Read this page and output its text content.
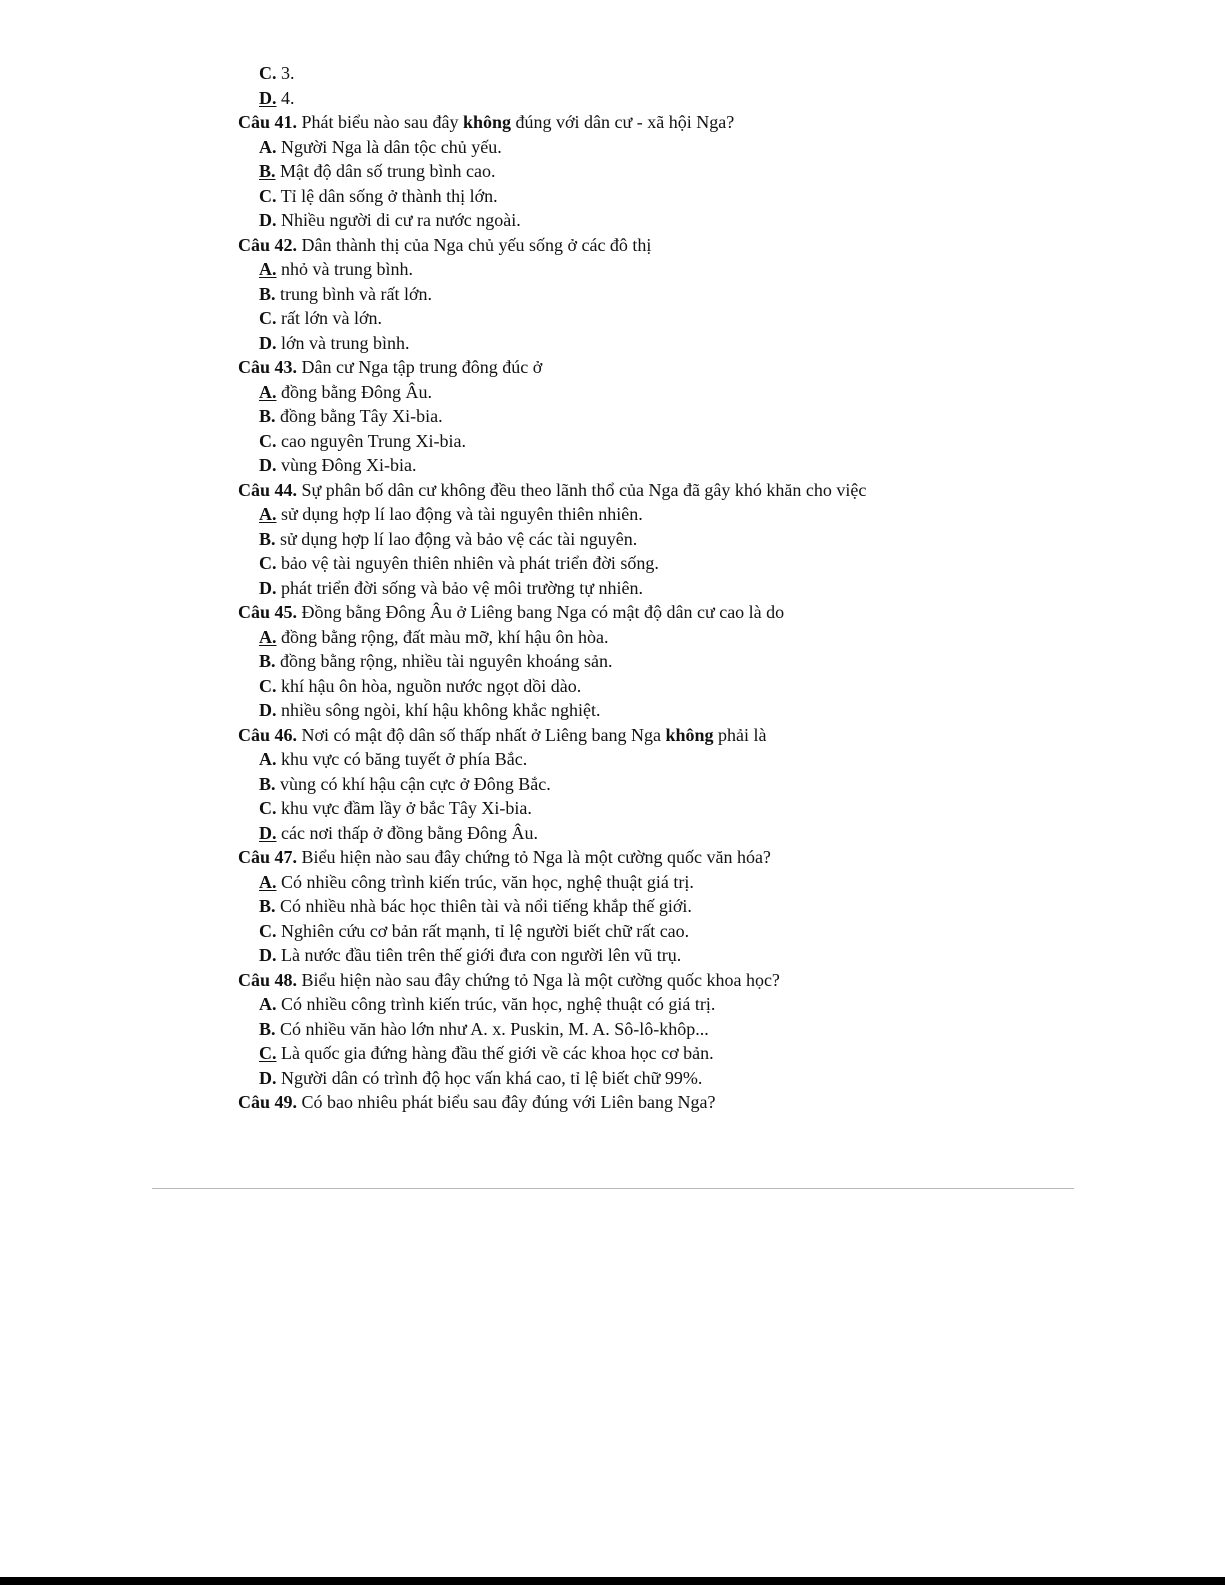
C. 3.
D. 4.
Câu 41. Phát biểu nào sau đây không đúng với dân cư - xã hội Nga?
A. Người Nga là dân tộc chủ yếu.
B. Mật độ dân số trung bình cao.
C. Tỉ lệ dân sống ở thành thị lớn.
D. Nhiều người di cư ra nước ngoài.
Câu 42. Dân thành thị của Nga chủ yếu sống ở các đô thị
A. nhỏ và trung bình.
B. trung bình và rất lớn.
C. rất lớn và lớn.
D. lớn và trung bình.
Câu 43. Dân cư Nga tập trung đông đúc ở
A. đồng bằng Đông Âu.
B. đồng bằng Tây Xi-bia.
C. cao nguyên Trung Xi-bia.
D. vùng Đông Xi-bia.
Câu 44. Sự phân bố dân cư không đều theo lãnh thổ của Nga đã gây khó khăn cho việc
A. sử dụng hợp lí lao động và tài nguyên thiên nhiên.
B. sử dụng hợp lí lao động và bảo vệ các tài nguyên.
C. bảo vệ tài nguyên thiên nhiên và phát triển đời sống.
D. phát triển đời sống và bảo vệ môi trường tự nhiên.
Câu 45. Đồng bằng Đông Âu ở Liêng bang Nga có mật độ dân cư cao là do
A. đồng bằng rộng, đất màu mỡ, khí hậu ôn hòa.
B. đồng bằng rộng, nhiều tài nguyên khoáng sản.
C. khí hậu ôn hòa, nguồn nước ngọt dồi dào.
D. nhiều sông ngòi, khí hậu không khắc nghiệt.
Câu 46. Nơi có mật độ dân số thấp nhất ở Liêng bang Nga không phải là
A. khu vực có băng tuyết ở phía Bắc.
B. vùng có khí hậu cận cực ở Đông Bắc.
C. khu vực đầm lầy ở bắc Tây Xi-bia.
D. các nơi thấp ở đồng bằng Đông Âu.
Câu 47. Biểu hiện nào sau đây chứng tỏ Nga là một cường quốc văn hóa?
A. Có nhiều công trình kiến trúc, văn học, nghệ thuật giá trị.
B. Có nhiều nhà bác học thiên tài và nổi tiếng khắp thế giới.
C. Nghiên cứu cơ bản rất mạnh, tỉ lệ người biết chữ rất cao.
D. Là nước đầu tiên trên thế giới đưa con người lên vũ trụ.
Câu 48. Biểu hiện nào sau đây chứng tỏ Nga là một cường quốc khoa học?
A. Có nhiều công trình kiến trúc, văn học, nghệ thuật có giá trị.
B. Có nhiều văn hào lớn như A. x. Puskin, M. A. Sô-lô-khôp...
C. Là quốc gia đứng hàng đầu thế giới về các khoa học cơ bản.
D. Người dân có trình độ học vấn khá cao, tỉ lệ biết chữ 99%.
Câu 49. Có bao nhiêu phát biểu sau đây đúng với Liên bang Nga?
